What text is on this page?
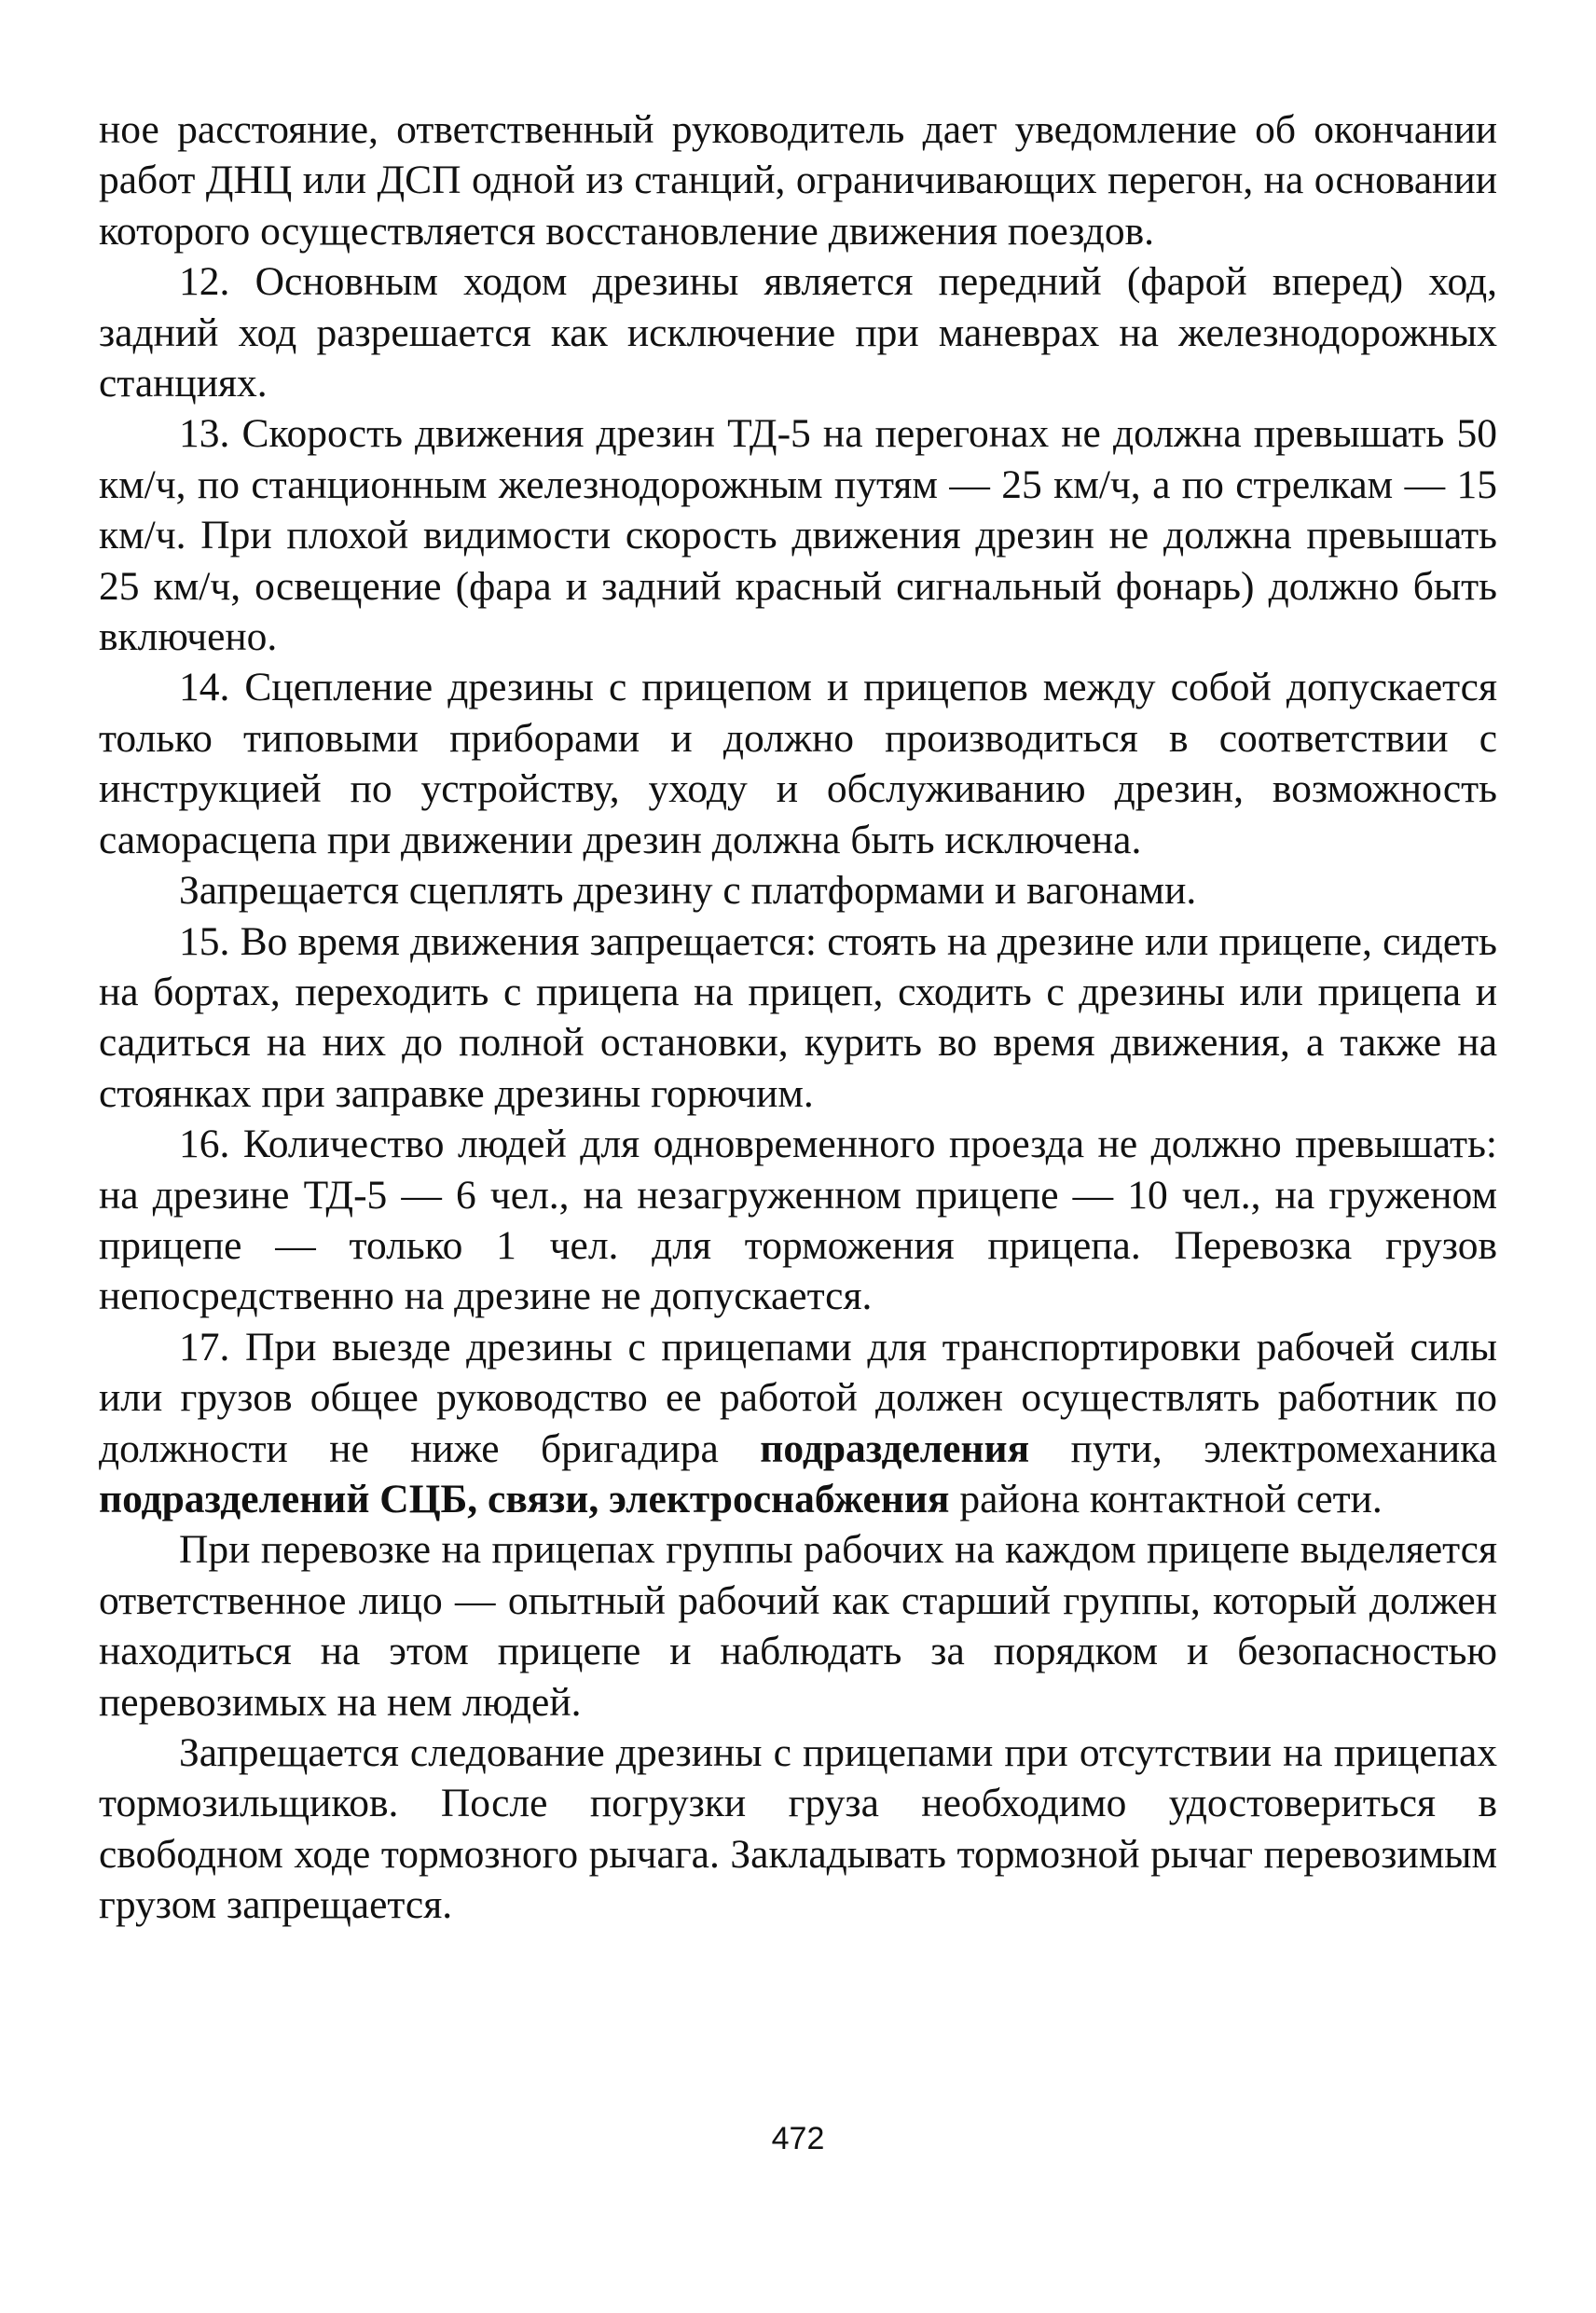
ное расстояние, ответственный руководитель дает уведомление об окончании работ ДНЦ или ДСП одной из станций, ограничивающих перегон, на основании которого осуществляется восстановление движения поездов.

12. Основным ходом дрезины является передний (фарой вперед) ход, задний ход разрешается как исключение при маневрах на железнодорожных станциях.

13. Скорость движения дрезин ТД-5 на перегонах не должна превышать 50 км/ч, по станционным железнодорожным путям — 25 км/ч, а по стрелкам — 15 км/ч. При плохой видимости скорость движения дрезин не должна превышать 25 км/ч, освещение (фара и задний красный сигнальный фонарь) должно быть включено.

14. Сцепление дрезины с прицепом и прицепов между собой допускается только типовыми приборами и должно производиться в соответствии с инструкцией по устройству, уходу и обслуживанию дрезин, возможность саморасцепа при движении дрезин должна быть исключена.

Запрещается сцеплять дрезину с платформами и вагонами.

15. Во время движения запрещается: стоять на дрезине или прицепе, сидеть на бортах, переходить с прицепа на прицеп, сходить с дрезины или прицепа и садиться на них до полной остановки, курить во время движения, а также на стоянках при заправке дрезины горючим.

16. Количество людей для одновременного проезда не должно превышать: на дрезине ТД-5 — 6 чел., на незагруженном прицепе — 10 чел., на груженом прицепе — только 1 чел. для торможения прицепа. Перевозка грузов непосредственно на дрезине не допускается.

17. При выезде дрезины с прицепами для транспортировки рабочей силы или грузов общее руководство ее работой должен осуществлять работник по должности не ниже бригадира подразделения пути, электромеханика подразделений СЦБ, связи, электроснабжения района контактной сети.

При перевозке на прицепах группы рабочих на каждом прицепе выделяется ответственное лицо — опытный рабочий как старший группы, который должен находиться на этом прицепе и наблюдать за порядком и безопасностью перевозимых на нем людей.

Запрещается следование дрезины с прицепами при отсутствии на прицепах тормозильщиков. После погрузки груза необходимо удостовериться в свободном ходе тормозного рычага. Закладывать тормозной рычаг перевозимым грузом запрещается.

472
